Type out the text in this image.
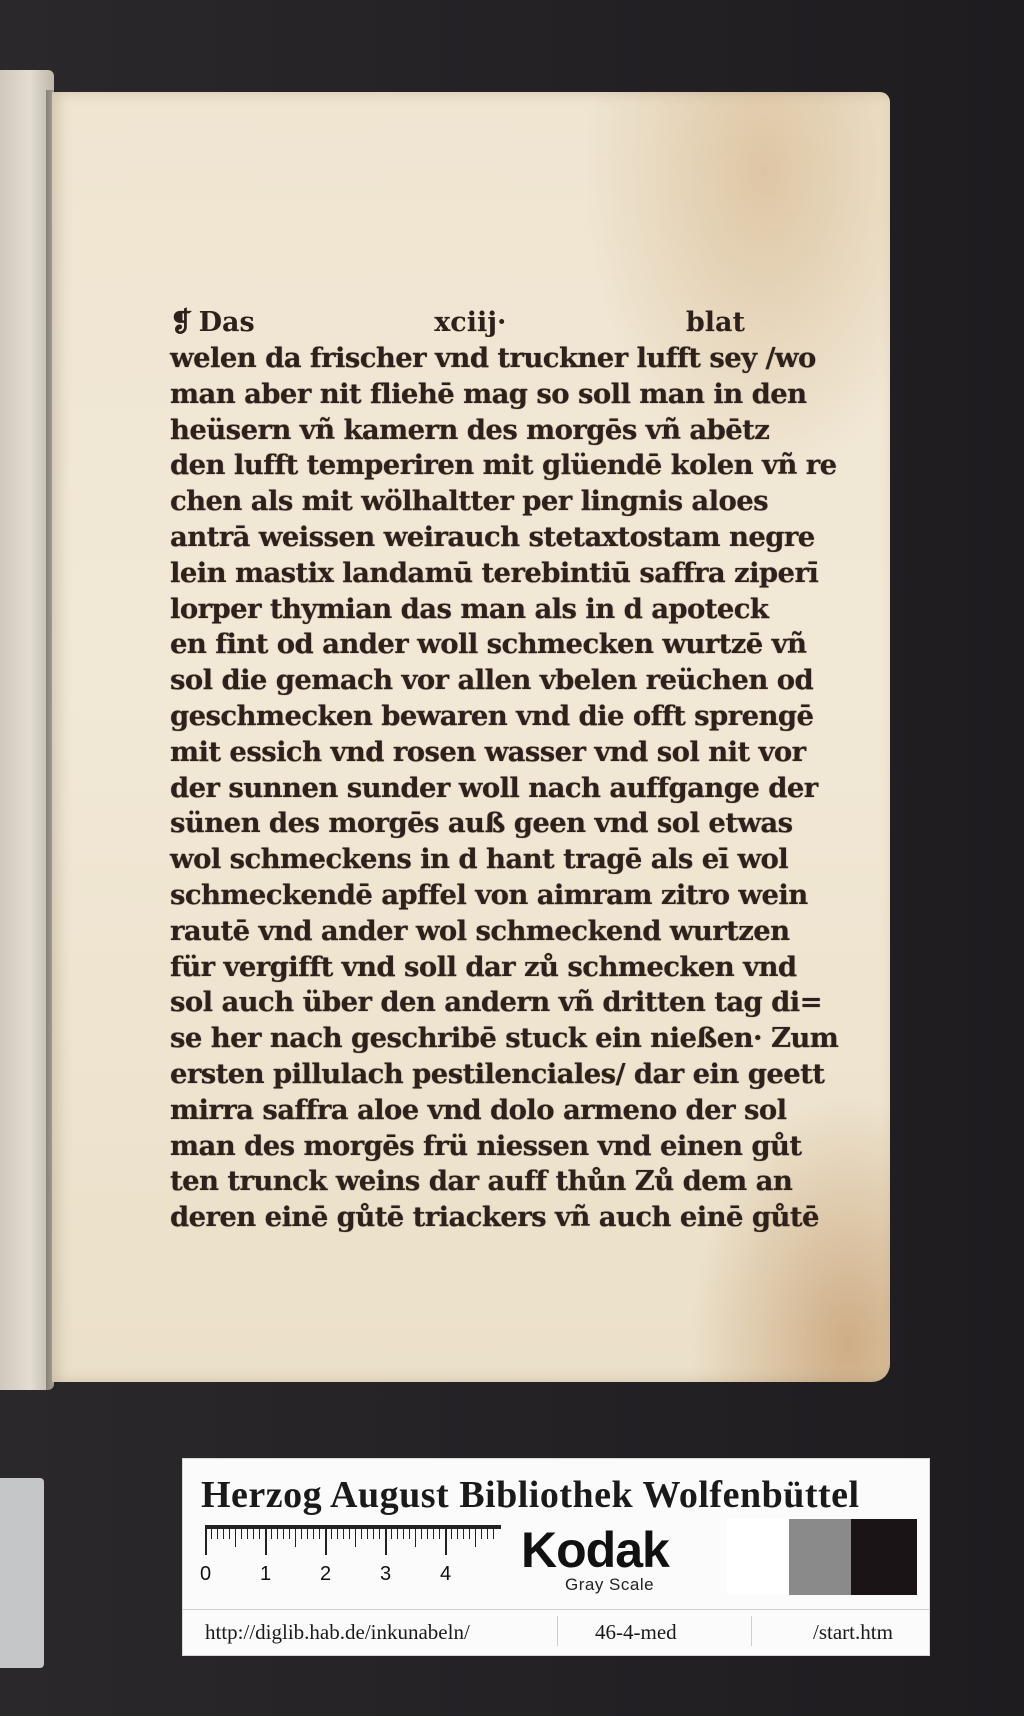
❡ Das	xciij·	blat
welen da frischer vnd truckner lufft sey /wo
man aber nit fliehē mag so soll man in den
heüsern vñ kamern des morgēs vñ abētz
den lufft temperiren mit glüendē kolen vñ re
chen als mit wölhaltter per lingnis aloes
antrā weissen weirauch stetaxtostam negre
lein mastix landamū terebintiū saffra ziperī
lorper thymian das man als in d apoteck
en fint od ander woll schmecken wurtzē vñ
sol die gemach vor allen vbelen reüchen od
geschmecken bewaren vnd die offt sprengē
mit essich vnd rosen wasser vnd sol nit vor
der sunnen sunder woll nach auffgange der
sünen des morgēs auß geen vnd sol etwas
wol schmeckens in d hant tragē als eī wol
schmeckendē apffel von aimram zitro wein
rautē vnd ander wol schmeckend wurtzen
für vergifft vnd soll dar zů schmecken vnd
sol auch über den andern vñ dritten tag di=
se her nach geschribē stuck ein nießen· Zum
ersten pillulach pestilenciales/ dar ein geett
mirra saffra aloe vnd dolo armeno der sol
man des morgēs frü niessen vnd einen gůt
ten trunck weins dar auff thůn Zů dem an
deren einē gůtē triackers vñ auch einē gůtē
Herzog August Bibliothek Wolfenbüttel
0 1 2 3 4 Kodak
Gray Scale
http://diglib.hab.de/inkunabeln/	46-4-med	/start.htm
